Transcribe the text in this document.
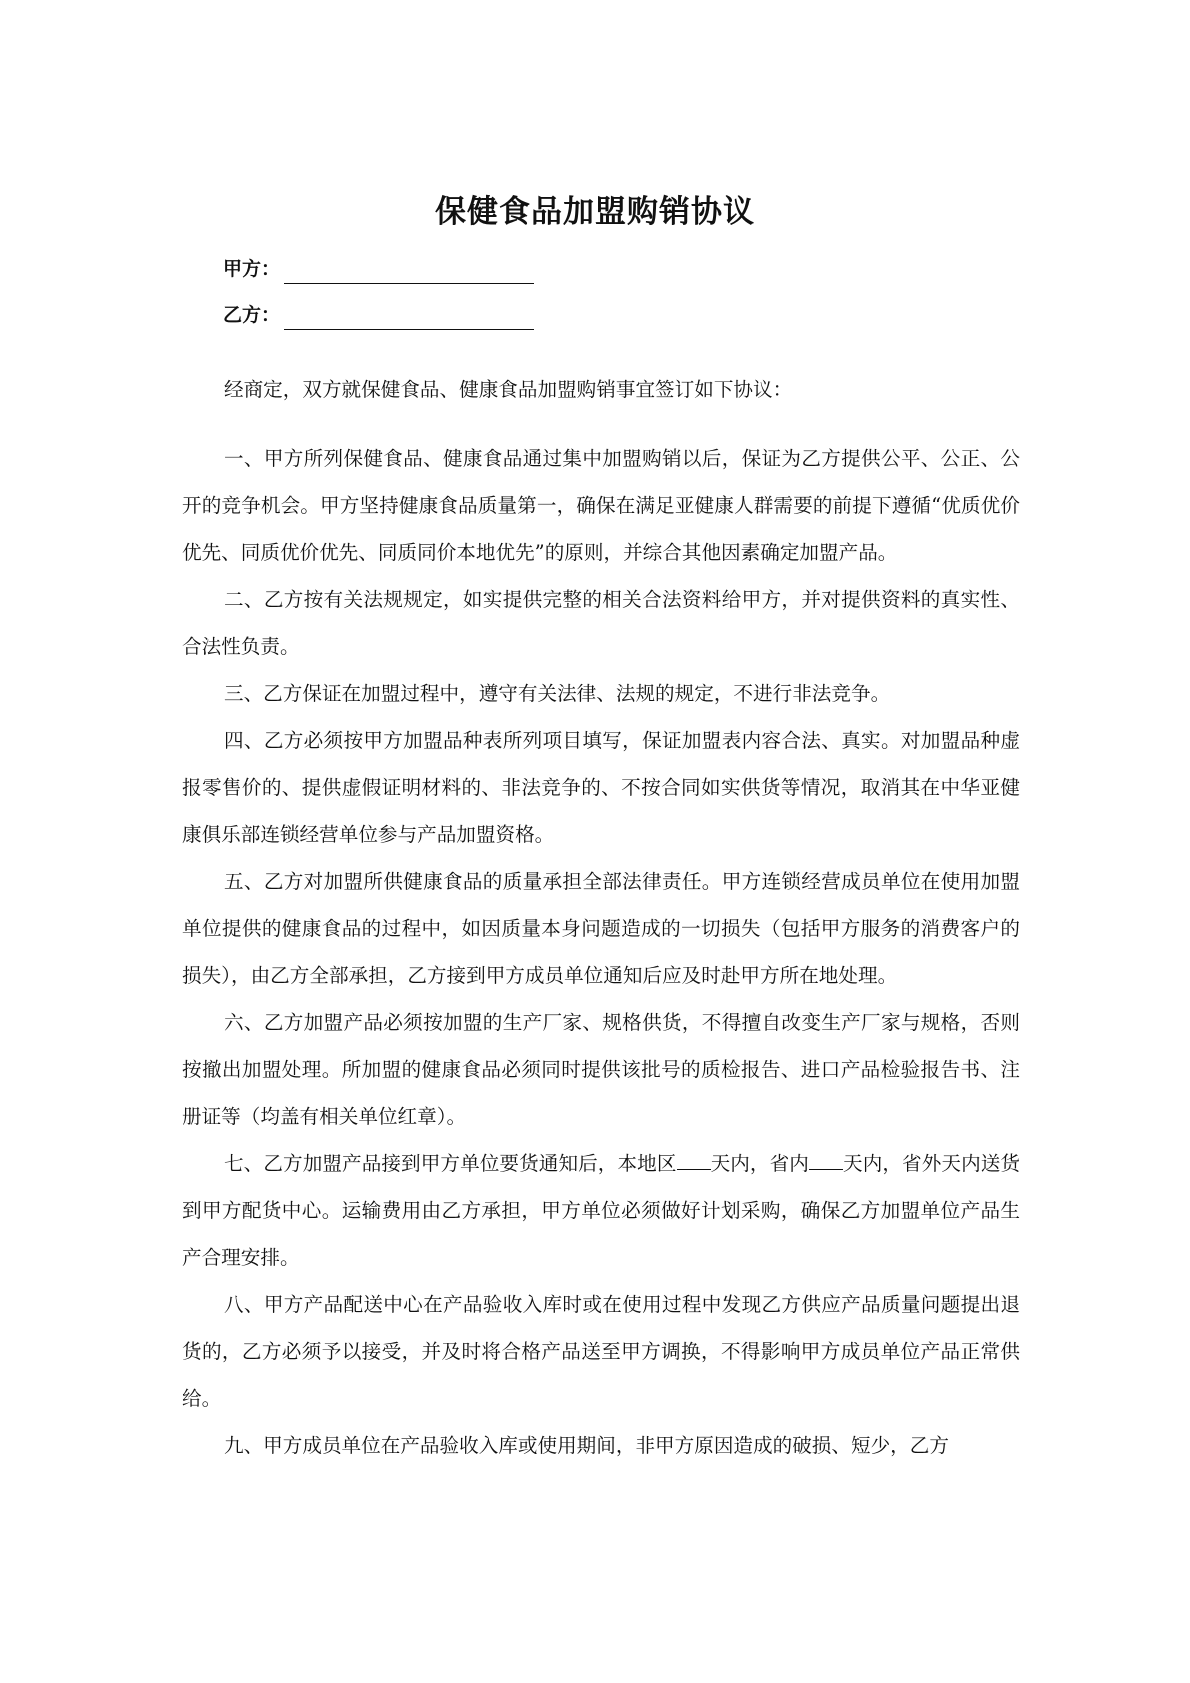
保健食品加盟购销协议
甲方：
乙方：
经商定，双方就保健食品、健康食品加盟购销事宜签订如下协议：

一、甲方所列保健食品、健康食品通过集中加盟购销以后，保证为乙方提供公平、公正、公开的竞争机会。甲方坚持健康食品质量第一，确保在满足亚健康人群需要的前提下遵循“优质优价优先、同质优价优先、同质同价本地优先”的原则，并综合其他因素确定加盟产品。

二、乙方按有关法规规定，如实提供完整的相关合法资料给甲方，并对提供资料的真实性、合法性负责。

三、乙方保证在加盟过程中，遵守有关法律、法规的规定，不进行非法竞争。

四、乙方必须按甲方加盟品种表所列项目填写，保证加盟表内容合法、真实。对加盟品种虚报零售价的、提供虚假证明材料的、非法竞争的、不按合同如实供货等情况，取消其在中华亚健康俱乐部连锁经营单位参与产品加盟资格。

五、乙方对加盟所供健康食品的质量承担全部法律责任。甲方连锁经营成员单位在使用加盟单位提供的健康食品的过程中，如因质量本身问题造成的一切损失（包括甲方服务的消费客户的损失），由乙方全部承担，乙方接到甲方成员单位通知后应及时赴甲方所在地处理。

六、乙方加盟产品必须按加盟的生产厂家、规格供货，不得擅自改变生产厂家与规格，否则按撤出加盟处理。所加盟的健康食品必须同时提供该批号的质检报告、进口产品检验报告书、注册证等（均盖有相关单位红章）。

七、乙方加盟产品接到甲方单位要货通知后，本地区 天内，省内 天内，省外天内送货到甲方配货中心。运输费用由乙方承担，甲方单位必须做好计划采购，确保乙方加盟单位产品生产合理安排。

八、甲方产品配送中心在产品验收入库时或在使用过程中发现乙方供应产品质量问题提出退货的，乙方必须予以接受，并及时将合格产品送至甲方调换，不得影响甲方成员单位产品正常供给。

九、甲方成员单位在产品验收入库或使用期间，非甲方原因造成的破损、短少，乙方
